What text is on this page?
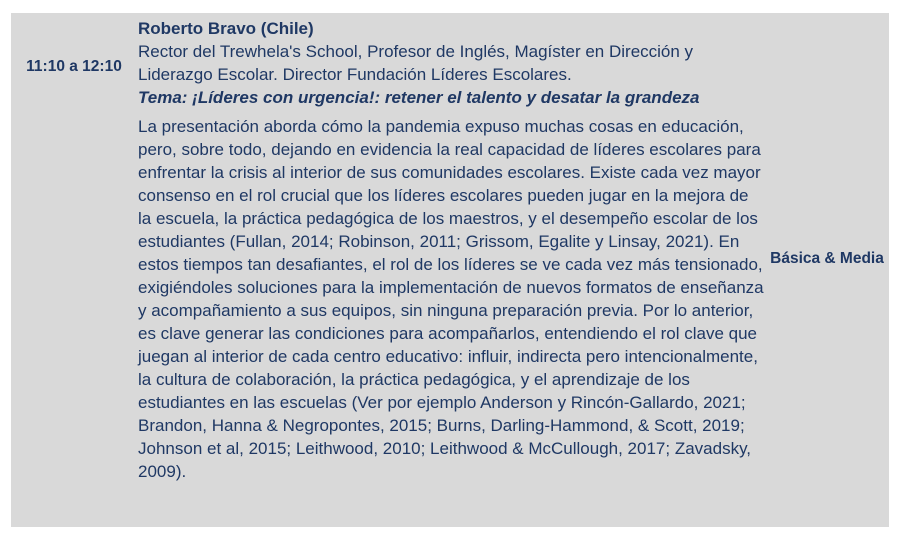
11:10 a 12:10

Roberto Bravo (Chile)

Rector del Trewhela's School, Profesor de Inglés, Magíster en Dirección y Liderazgo Escolar. Director Fundación Líderes Escolares.

Tema: ¡Líderes con urgencia!: retener el talento y desatar la grandeza

La presentación aborda cómo la pandemia expuso muchas cosas en educación, pero, sobre todo, dejando en evidencia la real capacidad de líderes escolares para enfrentar la crisis al interior de sus comunidades escolares. Existe cada vez mayor consenso en el rol crucial que los líderes escolares pueden jugar en la mejora de la escuela, la práctica pedagógica de los maestros, y el desempeño escolar de los estudiantes (Fullan, 2014; Robinson, 2011; Grissom, Egalite y Linsay, 2021). En estos tiempos tan desafiantes, el rol de los líderes se ve cada vez más tensionado, exigiéndoles soluciones para la implementación de nuevos formatos de enseñanza y acompañamiento a sus equipos, sin ninguna preparación previa. Por lo anterior, es clave generar las condiciones para acompañarlos, entendiendo el rol clave que juegan al interior de cada centro educativo: influir, indirecta pero intencionalmente, la cultura de colaboración, la práctica pedagógica, y el aprendizaje de los estudiantes en las escuelas (Ver por ejemplo Anderson y Rincón-Gallardo, 2021; Brandon, Hanna & Negropontes, 2015; Burns, Darling-Hammond, & Scott, 2019; Johnson et al, 2015; Leithwood, 2010; Leithwood & McCullough, 2017; Zavadsky, 2009).

Básica & Media
